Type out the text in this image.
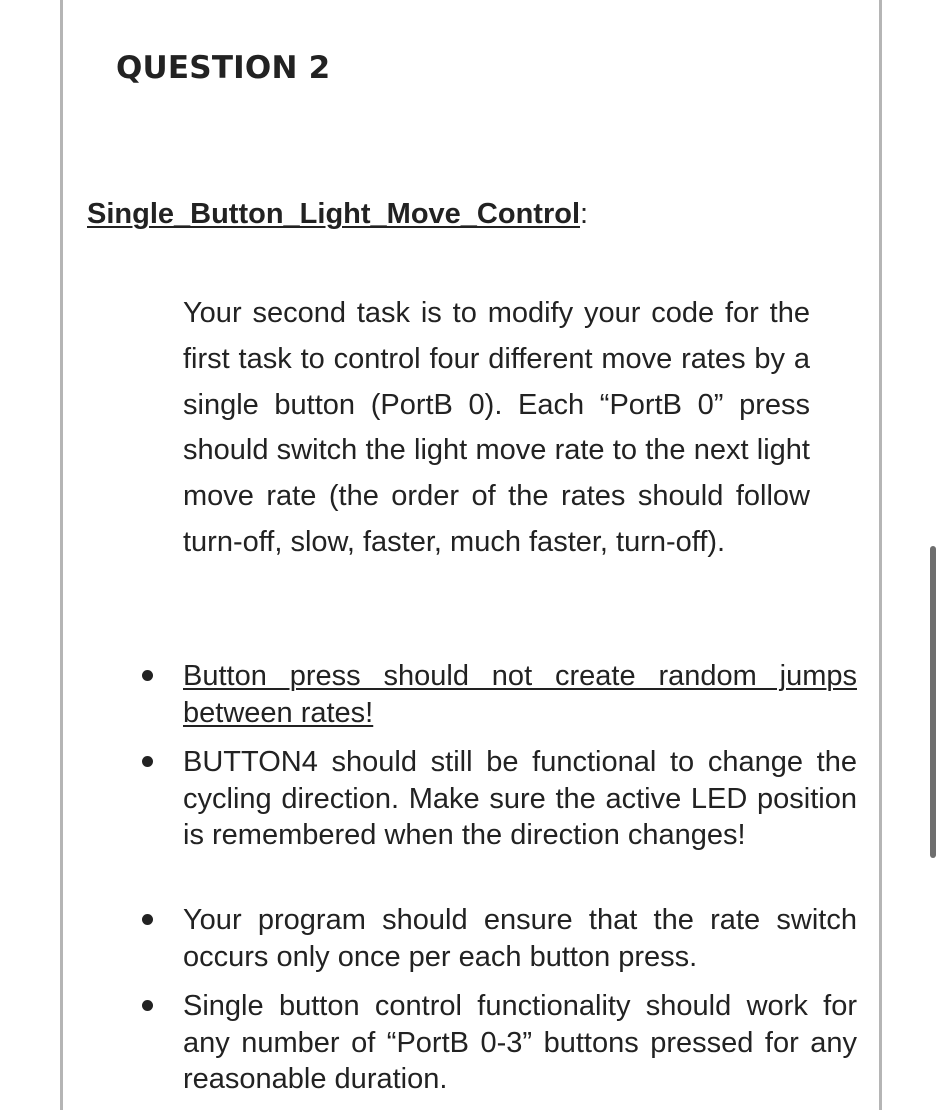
QUESTION 2
Single_Button_Light_Move_Control:
Your second task is to modify your code for the first task to control four different move rates by a single button (PortB 0). Each “PortB 0” press should switch the light move rate to the next light move rate (the order of the rates should follow turn-off, slow, faster, much faster, turn-off).
Button press should not create random jumps between rates!
BUTTON4 should still be functional to change the cycling direction. Make sure the active LED position is remembered when the direction changes!
Your program should ensure that the rate switch occurs only once per each button press.
Single button control functionality should work for any number of “PortB 0-3” buttons pressed for any reasonable duration.
